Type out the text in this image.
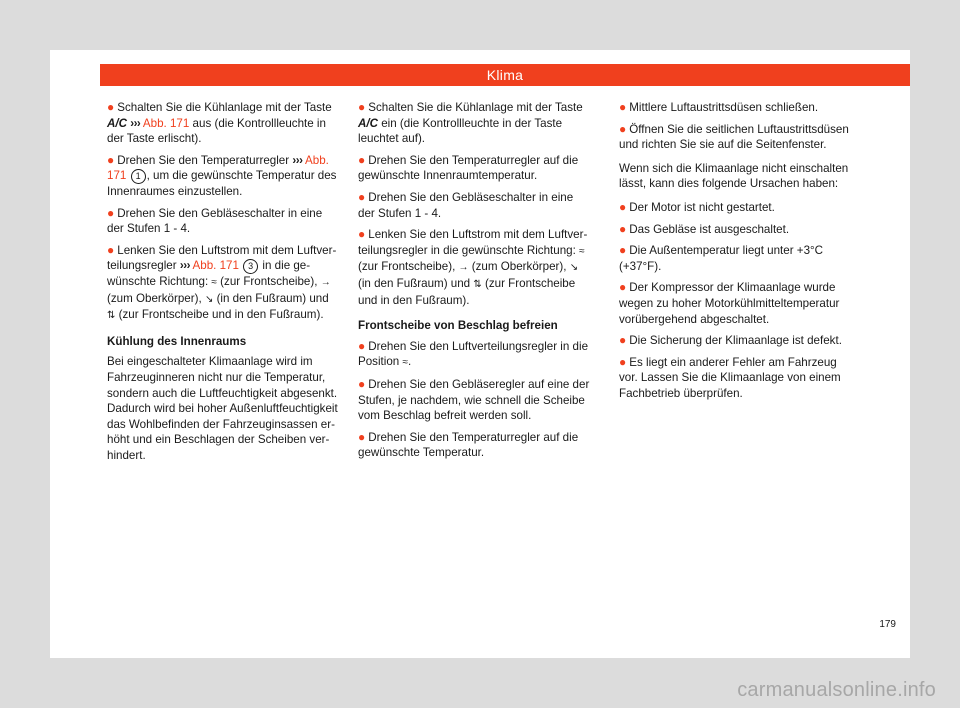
Klima

● Schalten Sie die Kühlanlage mit der Taste A/C ››› Abb. 171 aus (die Kontrollleuchte in der Taste erlischt).

● Drehen Sie den Temperaturregler ››› Abb. 171 1 , um die gewünschte Temperatur des Innenraumes einzustellen.

● Drehen Sie den Gebläseschalter in eine der Stufen 1 - 4.

● Lenken Sie den Luftstrom mit dem Luftverteilungsregler ››› Abb. 171 3 in die gewünschte Richtung: ≈ (zur Frontscheibe), → (zum Oberkörper), ↘ (in den Fußraum) und ⇅ (zur Frontscheibe und in den Fußraum).

Kühlung des Innenraums

Bei eingeschalteter Klimaanlage wird im Fahrzeuginneren nicht nur die Temperatur, sondern auch die Luftfeuchtigkeit abgesenkt. Dadurch wird bei hoher Außenluftfeuchtigkeit das Wohlbefinden der Fahrzeuginsassen erhöht und ein Beschlagen der Scheiben verhindert.

● Schalten Sie die Kühlanlage mit der Taste A/C ein (die Kontrollleuchte in der Taste leuchtet auf).

● Drehen Sie den Temperaturregler auf die gewünschte Innenraumtemperatur.

● Drehen Sie den Gebläseschalter in eine der Stufen 1 - 4.

● Lenken Sie den Luftstrom mit dem Luftverteilungsregler in die gewünschte Richtung: ≈ (zur Frontscheibe), → (zum Oberkörper), ↘ (in den Fußraum) und ⇅ (zur Frontscheibe und in den Fußraum).

Frontscheibe von Beschlag befreien

● Drehen Sie den Luftverteilungsregler in die Position ≈.

● Drehen Sie den Gebläseregler auf eine der Stufen, je nachdem, wie schnell die Scheibe vom Beschlag befreit werden soll.

● Drehen Sie den Temperaturregler auf die gewünschte Temperatur.

● Mittlere Luftaustrittsdüsen schließen.

● Öffnen Sie die seitlichen Luftaustrittsdüsen und richten Sie sie auf die Seitenfenster.

Wenn sich die Klimaanlage nicht einschalten lässt, kann dies folgende Ursachen haben:

● Der Motor ist nicht gestartet.

● Das Gebläse ist ausgeschaltet.

● Die Außentemperatur liegt unter +3°C (+37°F).

● Der Kompressor der Klimaanlage wurde wegen zu hoher Motorkühlmitteltemperatur vorübergehend abgeschaltet.

● Die Sicherung der Klimaanlage ist defekt.

● Es liegt ein anderer Fehler am Fahrzeug vor. Lassen Sie die Klimaanlage von einem Fachbetrieb überprüfen.

179
carmanualsonline.info
